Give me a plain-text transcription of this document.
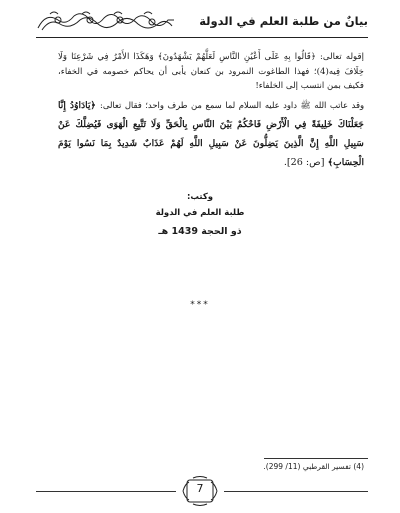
بيانٌ من طلبة العلم في الدولة
إقوله تعالى: ﴿قَالُوا بِهِ عَلَى أَعْيُنِ النَّاسِ لَعَلَّهُمْ يَشْهَدُونَ﴾ وَهَكَذَا الأَمْرُ فِي شَرْعِنَا وَلَا خِلَافَ فِيه(4)؛ فهذا الطاغوت النمرود بن كنعان يأبى أن يحاكم خصومه في الخفاء، فكيف بمن انتسب إلى الخلفاء!
وقد عاتب الله ﷺ داود عليه السلام لما سمع من طرف واحد؛ فقال تعالى: ﴿يَادَاوُدُ إِنَّا جَعَلْنَاكَ خَلِيفَةً فِي الْأَرْضِ فَاحْكُمْ بَيْنَ النَّاسِ بِالْحَقِّ وَلَا تَتَّبِعِ الْهَوَى فَيُضِلَّكَ عَنْ سَبِيلِ اللَّهِ إِنَّ الَّذِينَ يَضِلُّونَ عَنْ سَبِيلِ اللَّهِ لَهُمْ عَذَابٌ شَدِيدٌ بِمَا نَسُوا يَوْمَ الْحِسَابِ﴾ [ص: 26].
وكتب:
طلبة العلم في الدولة
ذو الحجة 1439 هـ
***
(4) تفسير القرطبي (11/ 299).
7
